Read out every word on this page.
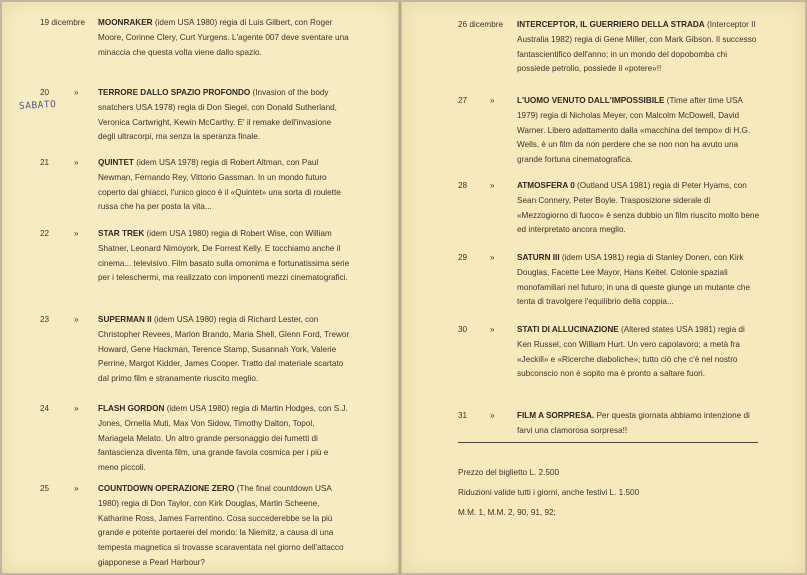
19 dicembre MOONRAKER (idem USA 1980) regia di Luis Gilbert, con Roger Moore, Corinne Clery, Curt Yurgens. L'agente 007 deve sventare una minaccia che questa volta viene dallo spazio.
20	» TERRORE DALLO SPAZIO PROFONDO (Invasion of the body snatchers USA 1978) regia di Don Siegel, con Donald Sutherland, Veronica Cartwright, Kewin McCarthy. E' il remake dell'invasione degli ultracorpi, ma senza la speranza finale.
21	» QUINTET (idem USA 1978) regia di Robert Altman, con Paul Newman, Fernando Rey, Vittorio Gassman. In un mondo futuro coperto dai ghiacci, l'unico gioco è il «Quintet» una sorta di roulette russa che ha per posta la vita...
22	» STAR TREK (idem USA 1980) regia di Robert Wise, con William Shatner, Leonard Nimoyork, De Forrest Kelly. E tocchiamo anche il cinema... televisivo. Film basato sulla omonima e fortunatissima serie per i teleschermi, ma realizzato con imponenti mezzi cinematografici.
23	» SUPERMAN II (idem USA 1980) regia di Richard Lester, con Christopher Revees, Marlon Brando, Maria Shell, Glenn Ford, Trewor Howard, Gene Hackman, Terence Stamp, Susannah York, Valerie Perrine, Margot Kidder, James Cooper. Tratto dal materiale scartato dal primo film e stranamente riuscito meglio.
24	» FLASH GORDON (idem USA 1980) regia di Martin Hodges, con S.J. Jones, Ornella Muti, Max Von Sidow, Timothy Dalton, Topol, Mariagela Melato. Un altro grande personaggio dei fumetti di fantascienza diventa film, una grande favola cosmica per i più e meno piccoli.
25	» COUNTDOWN OPERAZIONE ZERO (The final countdown USA 1980) regia di Don Taylor, con Kirk Douglas, Martin Scheene, Katharine Ross, James Farrentino. Cosa succederebbe se la più grande e potente portaerei del mondo: la Niemitz, a causa di una tempesta magnetica si trovasse scaraventata nel giorno dell'attacco giapponese a Pearl Harbour?
26 dicembre INTERCEPTOR, IL GUERRIERO DELLA STRADA (Interceptor II Australia 1982) regia di Gene Miller, con Mark Gibson. Il successo fantascientifico dell'anno; in un mondo del dopobomba chi possiede petrolio, possiede il «potere»!!
27	»	L'UOMO VENUTO DALL'IMPOSSIBILE (Time after time USA 1979) regia di Nicholas Meyer, con Malcolm McDowell, David Warner. Libero adattamento dalla «macchina del tempo» di H.G. Wells, è un film da non perdere che se non non ha avuto una grande fortuna cinematografica.
28	»	ATMOSFERA 0 (Outland USA 1981) regia di Peter Hyams, con Sean Connery, Peter Boyle. Trasposizione siderale di «Mezzogiorno di fuoco» è senza dubbio un film riuscito molto bene ed interpretato ancora meglio.
29	»	SATURN III (idem USA 1981) regia di Stanley Donen, con Kirk Douglas, Facette Lee Mayor, Hans Keitel. Colonie spaziali monofamiliari nel futuro; in una di queste giunge un mutante che tenta di travolgere l'equilibrio della coppia...
30	»	STATI DI ALLUCINAZIONE (Altered states USA 1981) regia di Ken Russel, con William Hurt. Un vero capolavoro; a metà fra «Jeckill» e «Ricerche diaboliche»; tutto ciò che c'è nel nostro subconscio non è sopito ma è pronto a saltare fuori.
31	»	FILM A SORPRESA. Per questa giornata abbiamo intenzione di farvi una clamorosa sorpresa!!
SABATO
Prezzo del biglietto L. 2.500
Riduzioni valide tutti i giorni, anche festivi L. 1.500
M.M. 1, M.M. 2, 90, 91, 92;
